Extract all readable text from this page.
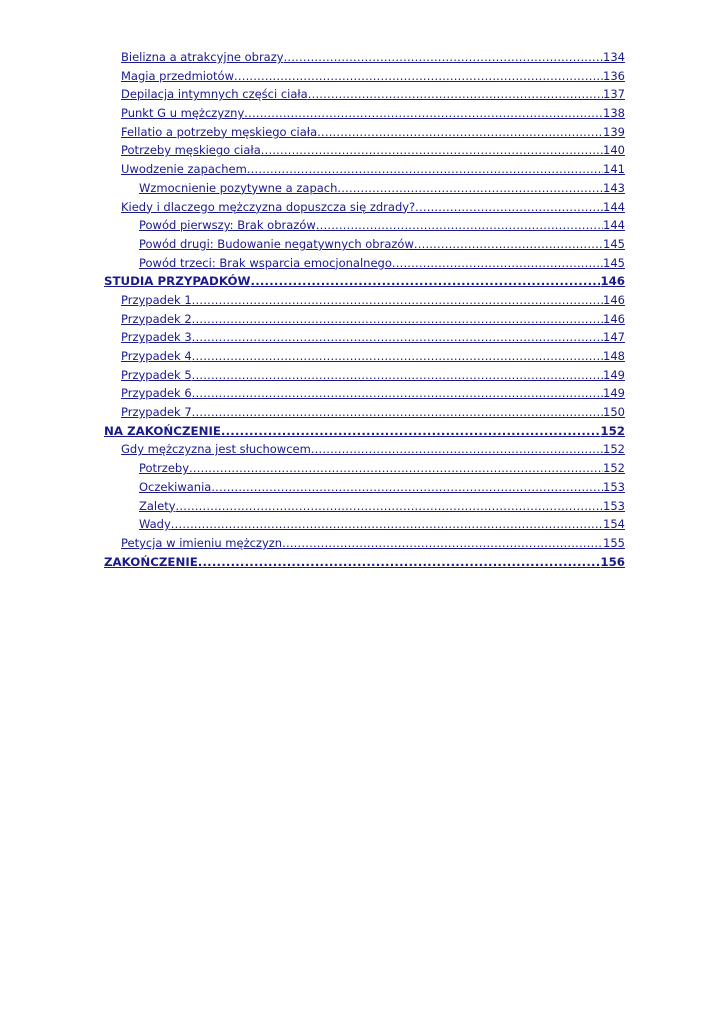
Bielizna a atrakcyjne obrazy .....	134
Magia przedmiotów .....	136
Depilacja intymnych części ciała .....	137
Punkt G u mężczyzny .....	138
Fellatio a potrzeby męskiego ciała .....	139
Potrzeby męskiego ciała .....	140
Uwodzenie zapachem .....	141
Wzmocnienie pozytywne a zapach .....	143
Kiedy i dlaczego mężczyzna dopuszcza się zdrady? .....	144
Powód pierwszy: Brak obrazów .....	144
Powód drugi: Budowanie negatywnych obrazów .....	145
Powód trzeci: Brak wsparcia emocjonalnego .....	145
STUDIA PRZYPADKÓW .....	146
Przypadek 1 .....	146
Przypadek 2 .....	146
Przypadek 3 .....	147
Przypadek 4 .....	148
Przypadek 5 .....	149
Przypadek 6 .....	149
Przypadek 7 .....	150
NA ZAKOŃCZENIE .....	152
Gdy mężczyzna jest słuchowcem .....	152
Potrzeby .....	152
Oczekiwania .....	153
Zalety .....	153
Wady .....	154
Petycja w imieniu mężczyzn .....	155
ZAKOŃCZENIE .....	156
